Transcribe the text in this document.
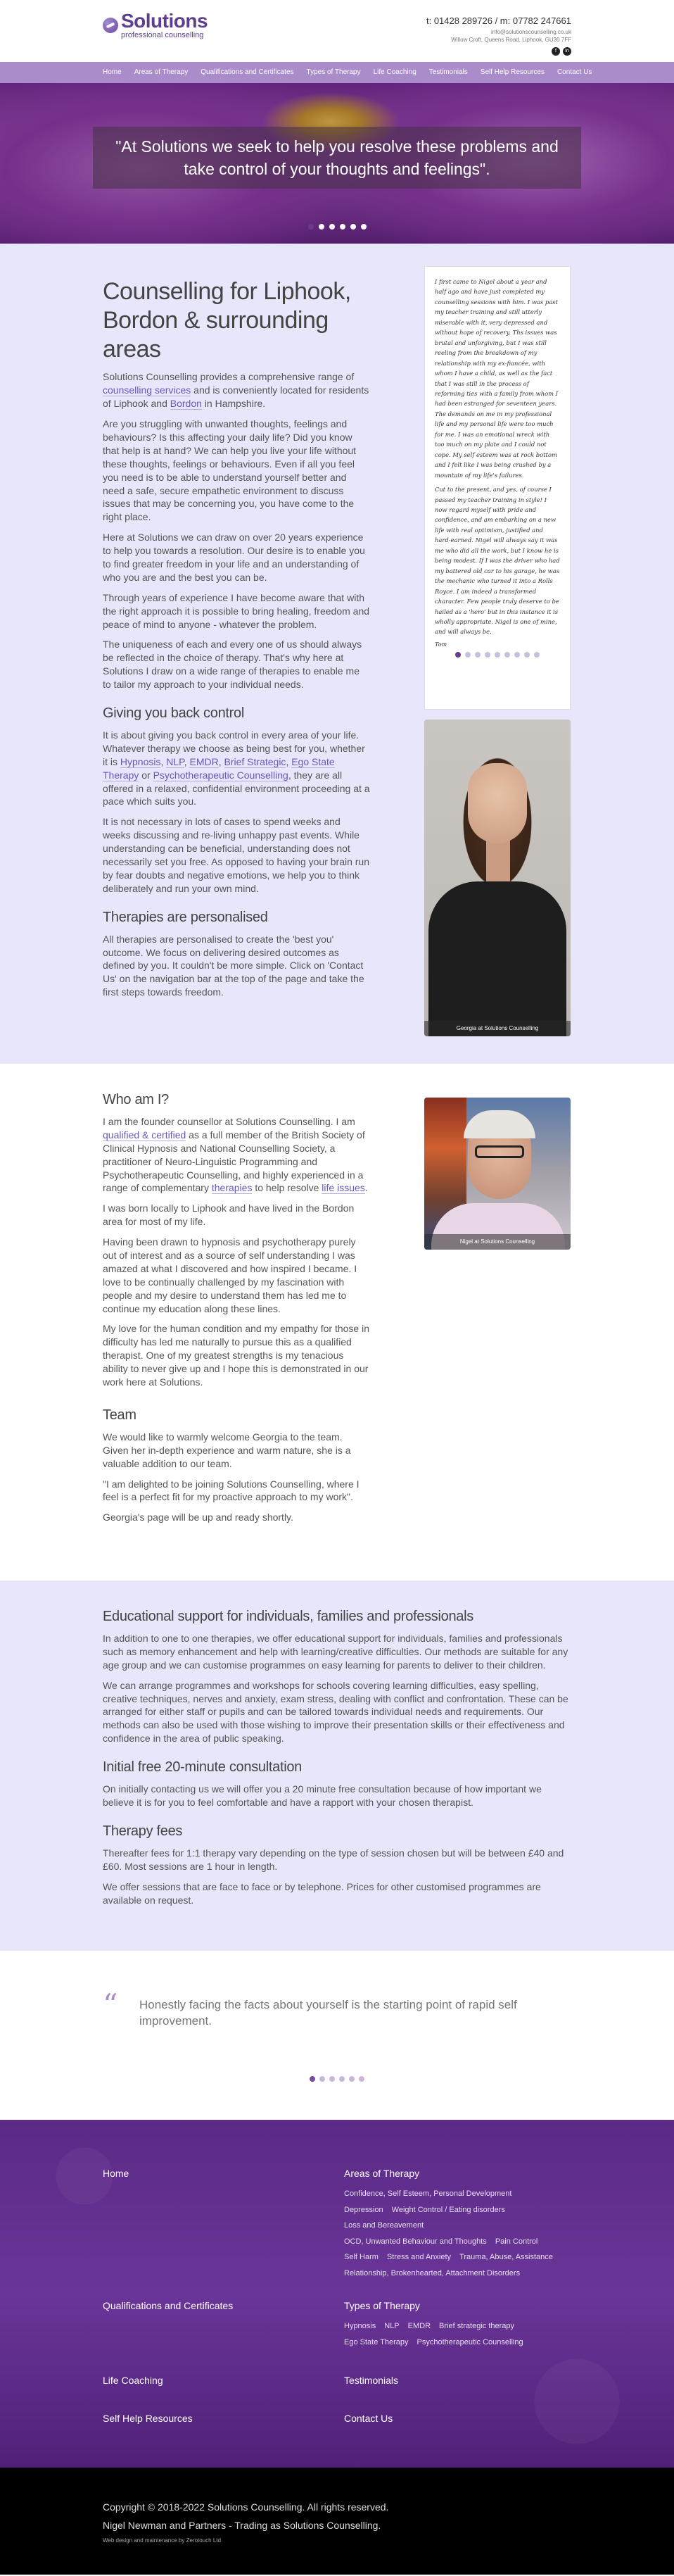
Solutions
professional counselling
t: 01428 289726 / m: 07782 247661
info@solutionscounselling.co.uk
Willow Croft, Queens Road, Liphook, GU30 7FF
f	in
Home	Areas of Therapy	Qualifications and Certificates	Types of Therapy	Life Coaching	Testimonials	Self Help Resources	Contact Us
"At Solutions we seek to help you resolve these problems and take control of your thoughts and feelings".
Counselling for Liphook, Bordon & surrounding areas

Solutions Counselling provides a comprehensive range of counselling services and is conveniently located for residents of Liphook and Bordon in Hampshire.

Are you struggling with unwanted thoughts, feelings and behaviours? Is this affecting your daily life? Did you know that help is at hand? We can help you live your life without these thoughts, feelings or behaviours. Even if all you feel you need is to be able to understand yourself better and need a safe, secure empathetic environment to discuss issues that may be concerning you, you have come to the right place.

Here at Solutions we can draw on over 20 years experience to help you towards a resolution. Our desire is to enable you to find greater freedom in your life and an understanding of who you are and the best you can be.

Through years of experience I have become aware that with the right approach it is possible to bring healing, freedom and peace of mind to anyone - whatever the problem.

The uniqueness of each and every one of us should always be reflected in the choice of therapy. That's why here at Solutions I draw on a wide range of therapies to enable me to tailor my approach to your individual needs.

Giving you back control

It is about giving you back control in every area of your life. Whatever therapy we choose as being best for you, whether it is Hypnosis, NLP, EMDR, Brief Strategic, Ego State Therapy or Psychotherapeutic Counselling, they are all offered in a relaxed, confidential environment proceeding at a pace which suits you.

It is not necessary in lots of cases to spend weeks and weeks discussing and re-living unhappy past events. While understanding can be beneficial, understanding does not necessarily set you free. As opposed to having your brain run by fear doubts and negative emotions, we help you to think deliberately and run your own mind.

Therapies are personalised

All therapies are personalised to create the 'best you' outcome. We focus on delivering desired outcomes as defined by you. It couldn't be more simple. Click on 'Contact Us' on the navigation bar at the top of the page and take the first steps towards freedom.

I first came to Nigel about a year and half ago and have just completed my counselling sessions with him. I was past my teacher training and still utterly miserable with it, very depressed and without hope of recovery. Ths issues was brutal and unforgiving, but I was still reeling from the breakdown of my relationship with my ex-fiancée, with whom I have a child, as well as the fact that I was still in the process of reforming ties with a family from whom I had been estranged for seventeen years. The demands on me in my professional life and my personal life were too much for me. I was an emotional wreck with too much on my plate and I could not cope. My self esteem was at rock bottom and I felt like I was being crushed by a mountain of my life's failures.

Cut to the present, and yes, of course I passed my teacher training in style! I now regard myself with pride and confidence, and am embarking on a new life with real optimism, justified and hard-earned. Nigel will always say it was me who did all the work, but I know he is being modest. If I was the driver who had my battered old car to his garage, he was the mechanic who turned it into a Rolls Royce. I am indeed a transformed character. Few people truly deserve to be hailed as a 'hero' but in this instance it is wholly appropriate. Nigel is one of mine, and will always be.

Tom
Georgia at Solutions Counselling
Who am I?

I am the founder counsellor at Solutions Counselling. I am qualified & certified as a full member of the British Society of Clinical Hypnosis and National Counselling Society, a practitioner of Neuro-Linguistic Programming and Psychotherapeutic Counselling, and highly experienced in a range of complementary therapies to help resolve life issues.

I was born locally to Liphook and have lived in the Bordon area for most of my life.

Having been drawn to hypnosis and psychotherapy purely out of interest and as a source of self understanding I was amazed at what I discovered and how inspired I became. I love to be continually challenged by my fascination with people and my desire to understand them has led me to continue my education along these lines.

My love for the human condition and my empathy for those in difficulty has led me naturally to pursue this as a qualified therapist. One of my greatest strengths is my tenacious ability to never give up and I hope this is demonstrated in our work here at Solutions.

Team

We would like to warmly welcome Georgia to the team. Given her in-depth experience and warm nature, she is a valuable addition to our team.

"I am delighted to be joining Solutions Counselling, where I feel is a perfect fit for my proactive approach to my work".

Georgia's page will be up and ready shortly.

Nigel at Solutions Counselling
Educational support for individuals, families and professionals

In addition to one to one therapies, we offer educational support for individuals, families and professionals such as memory enhancement and help with learning/creative difficulties. Our methods are suitable for any age group and we can customise programmes on easy learning for parents to deliver to their children.

We can arrange programmes and workshops for schools covering learning difficulties, easy spelling, creative techniques, nerves and anxiety, exam stress, dealing with conflict and confrontation. These can be arranged for either staff or pupils and can be tailored towards individual needs and requirements. Our methods can also be used with those wishing to improve their presentation skills or their effectiveness and confidence in the area of public speaking.

Initial free 20-minute consultation

On initially contacting us we will offer you a 20 minute free consultation because of how important we believe it is for you to feel comfortable and have a rapport with your chosen therapist.

Therapy fees

Thereafter fees for 1:1 therapy vary depending on the type of session chosen but will be between £40 and £60. Most sessions are 1 hour in length.

We offer sessions that are face to face or by telephone. Prices for other customised programmes are available on request.

“ Honestly facing the facts about yourself is the starting point of rapid self improvement.
Home	Areas of Therapy
Confidence, Self Esteem, Personal Development
Depression Weight Control / Eating disorders
Loss and Bereavement
OCD, Unwanted Behaviour and Thoughts Pain Control
Self Harm Stress and Anxiety Trauma, Abuse, Assistance
Relationship, Brokenhearted, Attachment Disorders
Qualifications and Certificates	Types of Therapy
Hypnosis NLP EMDR Brief strategic therapy
Ego State Therapy Psychotherapeutic Counselling
Life Coaching	Testimonials
Self Help Resources	Contact Us
Copyright © 2018-2022 Solutions Counselling. All rights reserved.
Nigel Newman and Partners - Trading as Solutions Counselling.
Web design and maintenance by Zerotouch Ltd
